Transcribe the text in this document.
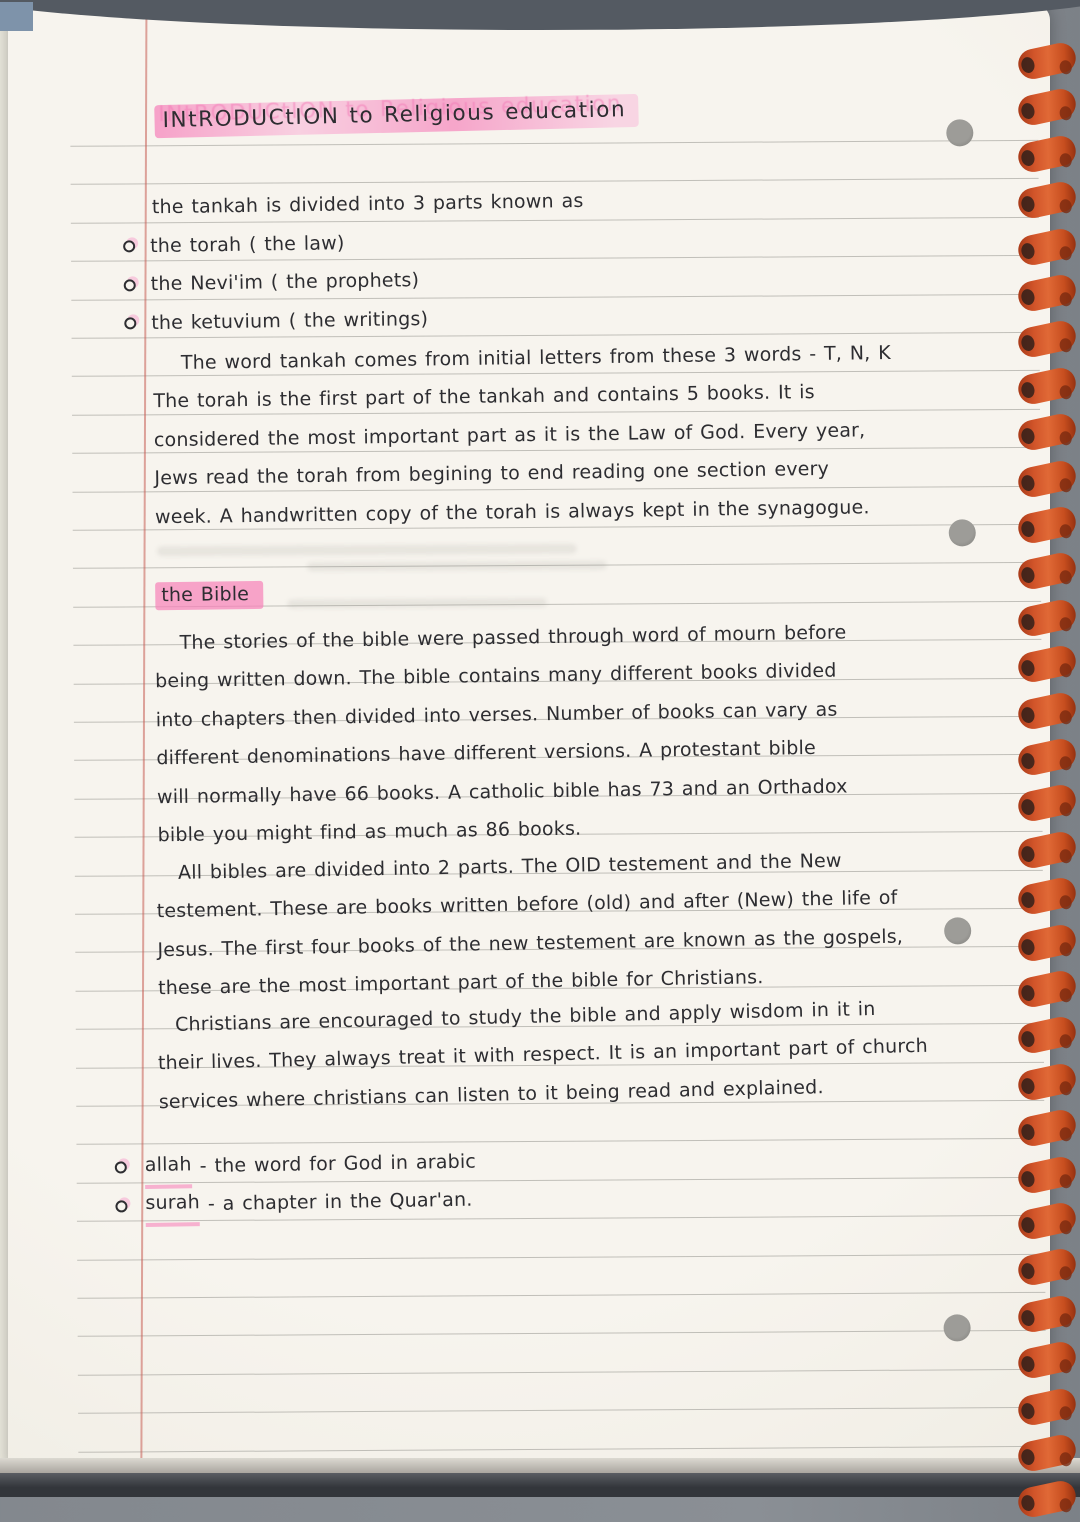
INtRODUCtION to Religious education
the tankah is divided into 3 parts known as
the torah ( the law)
the Nevi'im ( the prophets)
the ketuvium ( the writings)
The word tankah comes from initial letters from these 3 words - T, N, K
The torah is the first part of the tankah and contains 5 books. It is
considered the most important part as it is the Law of God. Every year,
Jews read the torah from begining to end reading one section every
week. A handwritten copy of the torah is always kept in the synagogue.
the Bible
The stories of the bible were passed through word of mourn before
being written down. The bible contains many different books divided
into chapters then divided into verses. Number of books can vary as
different denominations have different versions. A protestant bible
will normally have 66 books. A catholic bible has 73 and an Orthadox
bible you might find as much as 86 books.
All bibles are divided into 2 parts. The OlD testement and the New
testement. These are books written before (old) and after (New) the life of
Jesus. The first four books of the new testement are known as the gospels,
these are the most important part of the bible for Christians.
Christians are encouraged to study the bible and apply wisdom in it in
their lives. They always treat it with respect. It is an important part of church
services where christians can listen to it being read and explained.
allah - the word for God in arabic
surah - a chapter in the Quar'an.
